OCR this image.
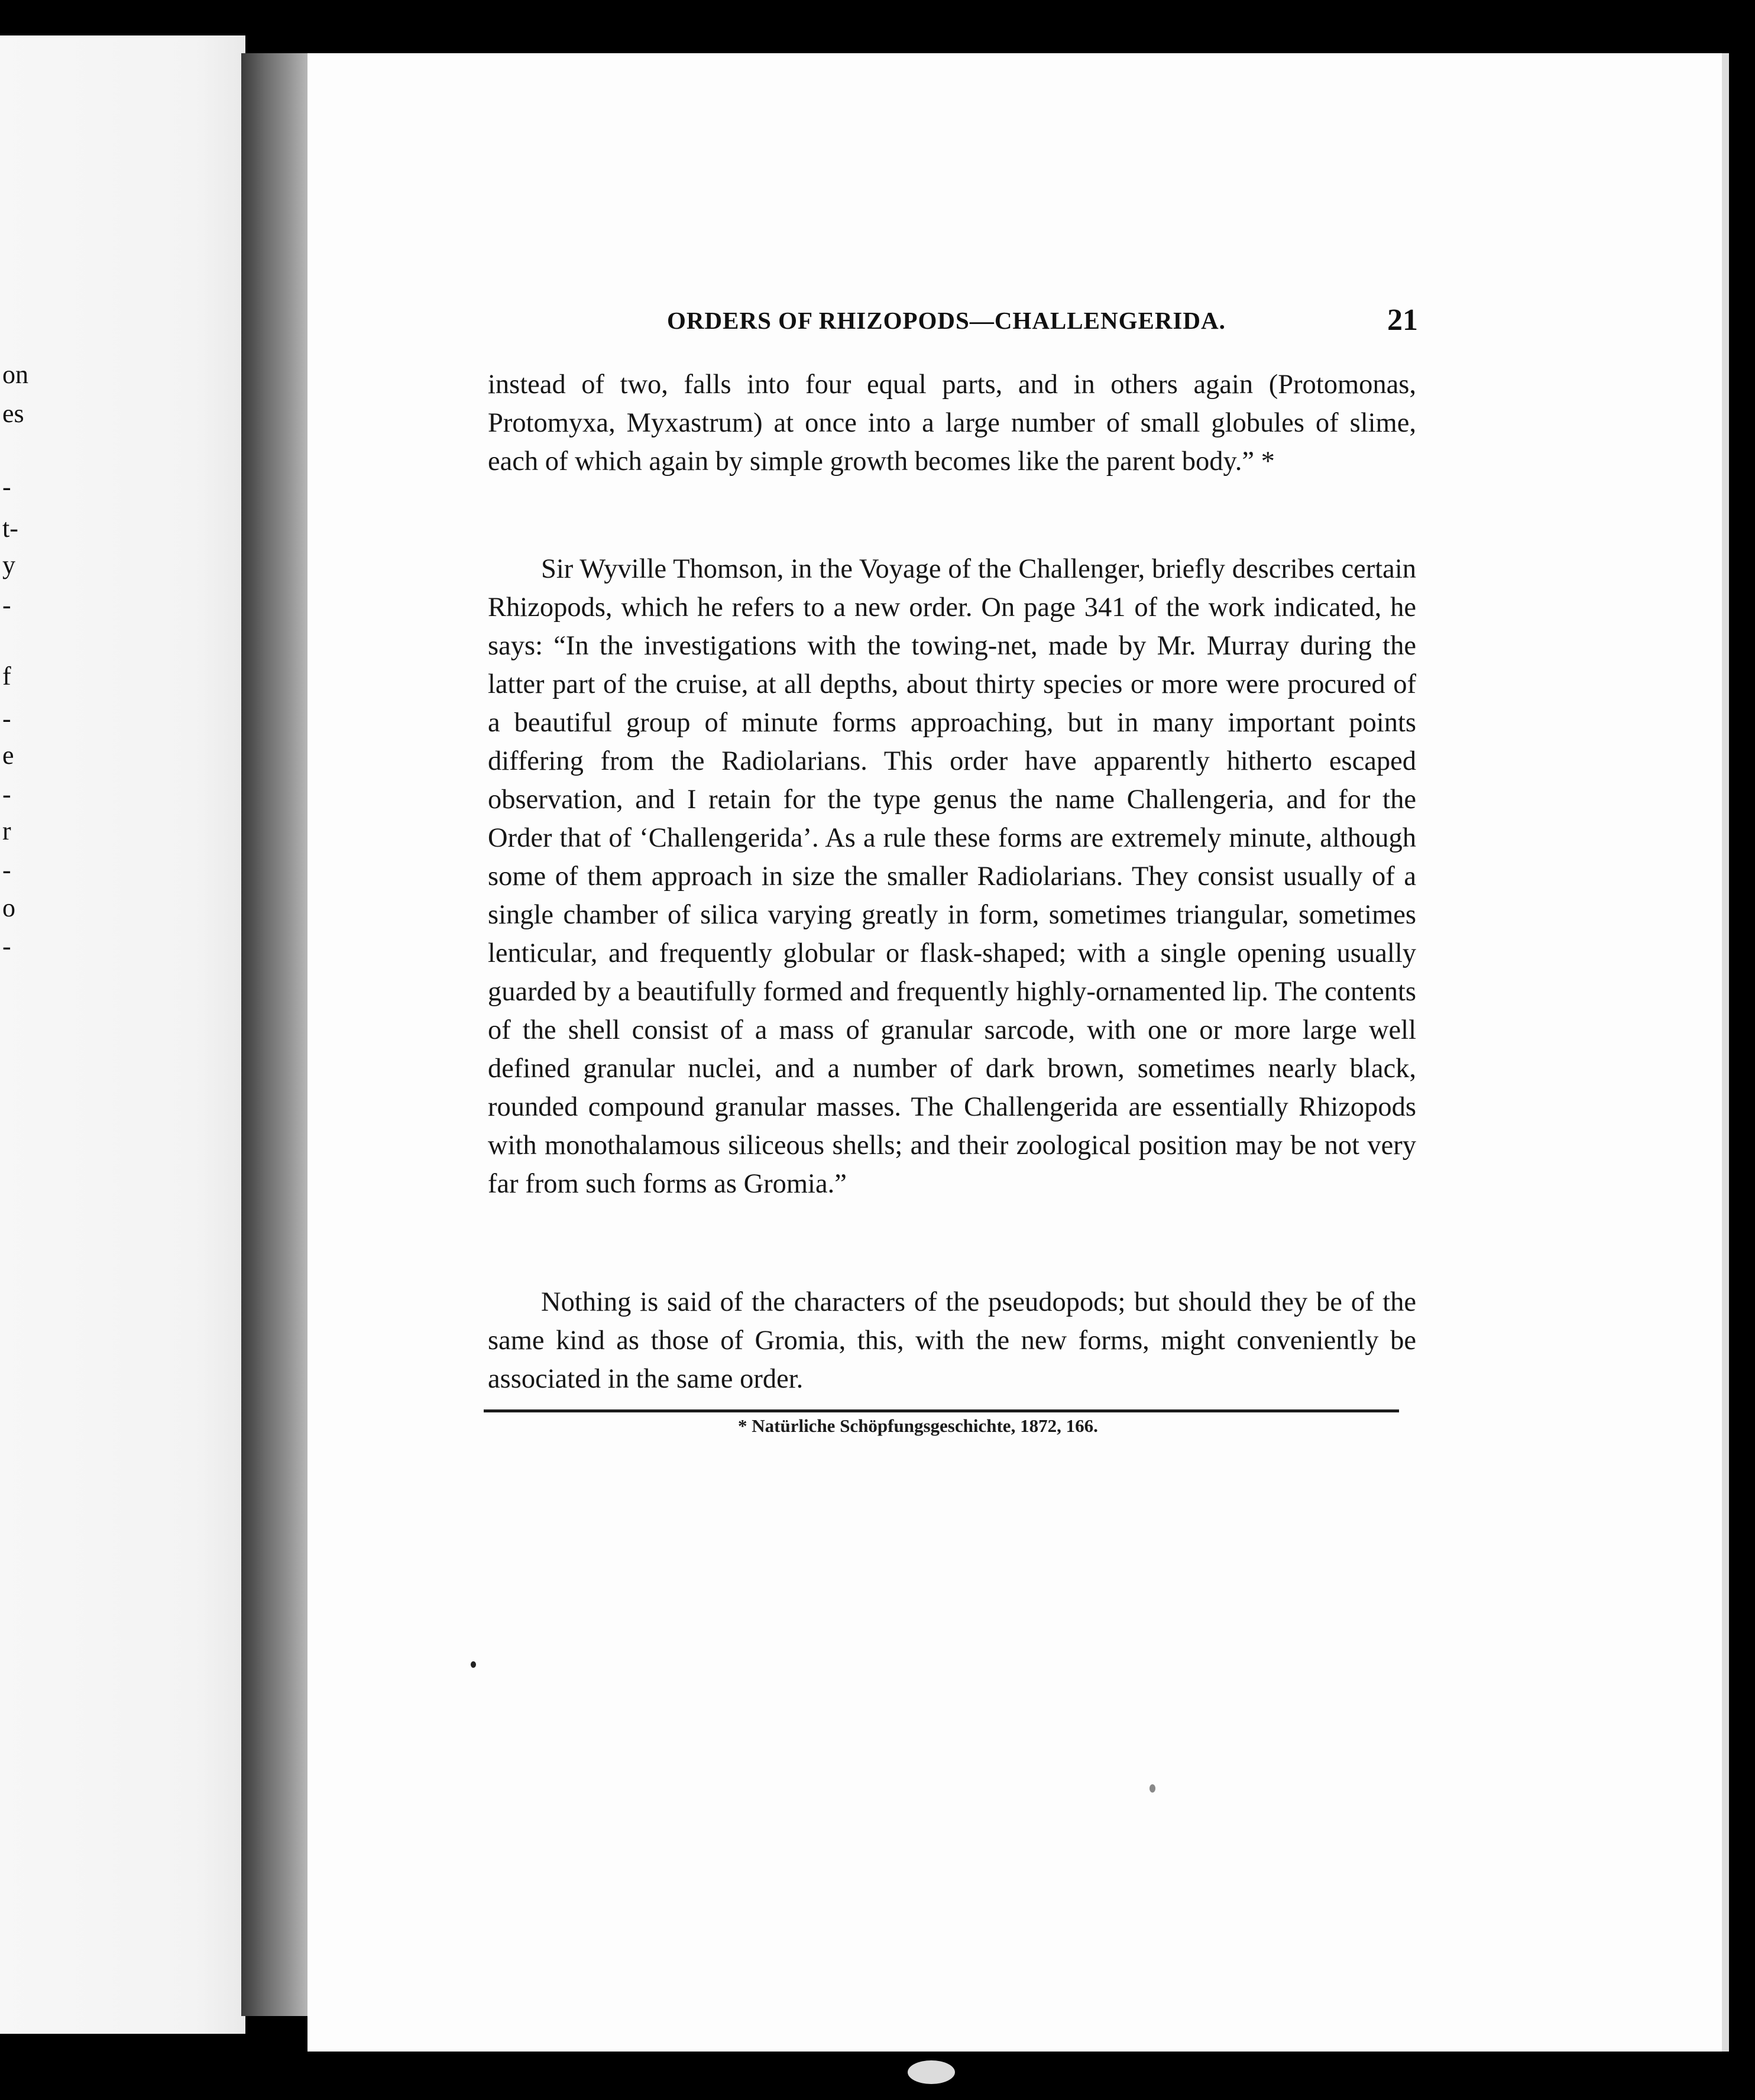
on
es
-
t-
y
-
f
-
e
-
r
-
o
-
ORDERS OF RHIZOPODS—CHALLENGERIDA.	21

instead of two, falls into four equal parts, and in others again (Protomonas, Protomyxa, Myxastrum) at once into a large number of small globules of slime, each of which again by simple growth becomes like the parent body.” *

Sir Wyville Thomson, in the Voyage of the Challenger, briefly describes certain Rhizopods, which he refers to a new order. On page 341 of the work indicated, he says: “In the investigations with the towing-net, made by Mr. Murray during the latter part of the cruise, at all depths, about thirty species or more were procured of a beautiful group of minute forms approaching, but in many important points differing from the Radiolarians. This order have apparently hitherto escaped observation, and I retain for the type genus the name Challengeria, and for the Order that of ‘Challengerida’. As a rule these forms are extremely minute, although some of them approach in size the smaller Radiolarians. They consist usually of a single chamber of silica varying greatly in form, sometimes triangular, sometimes lenticular, and frequently globular or flask-shaped; with a single opening usually guarded by a beautifully formed and frequently highly-ornamented lip. The contents of the shell consist of a mass of granular sarcode, with one or more large well defined granular nuclei, and a number of dark brown, sometimes nearly black, rounded compound granular masses. The Challengerida are essentially Rhizopods with monothalamous siliceous shells; and their zoological position may be not very far from such forms as Gromia.”

Nothing is said of the characters of the pseudopods; but should they be of the same kind as those of Gromia, this, with the new forms, might conveniently be associated in the same order.

* Natürliche Schöpfungsgeschichte, 1872, 166.
